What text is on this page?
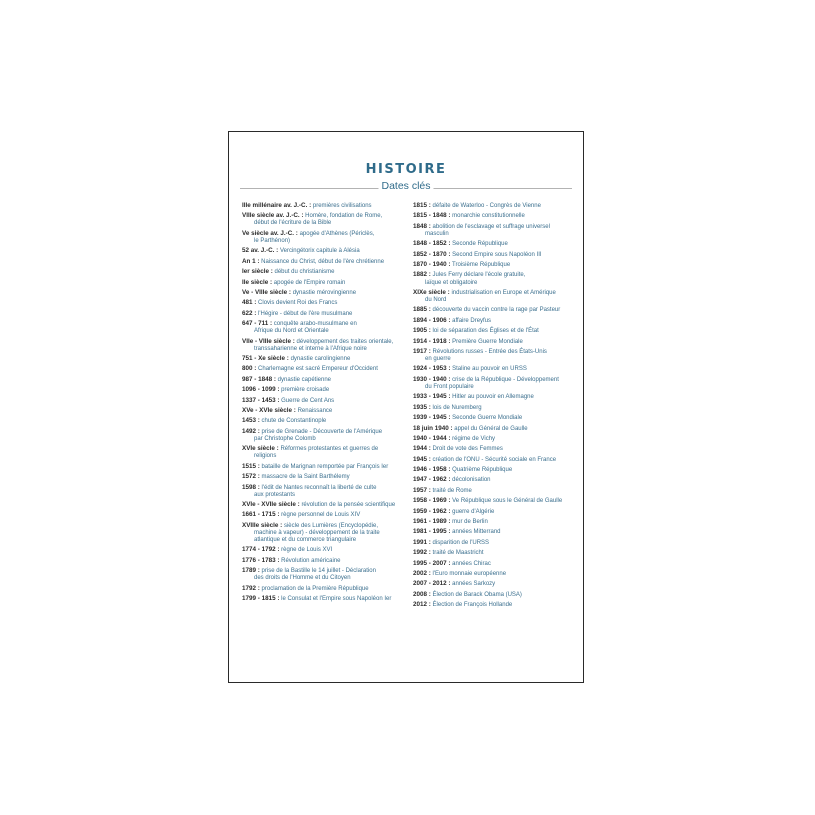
HISTOIRE
Dates clés
IIIe millénaire av. J.-C. : premières civilisations
VIIIe siècle av. J.-C. : Homère, fondation de Rome,
début de l'écriture de la Bible
Ve siècle av. J.-C. : apogée d'Athènes (Périclès,
le Parthénon)
52 av. J.-C. : Vercingétorix capitule à Alésia
An 1 : Naissance du Christ, début de l'ère chrétienne
Ier siècle : début du christianisme
IIe siècle : apogée de l'Empire romain
Ve - VIIIe siècle : dynastie mérovingienne
481 : Clovis devient Roi des Francs
622 : l'Hégire - début de l'ère musulmane
647 - 711 : conquête arabo-musulmane en
Afrique du Nord et Orientale
VIIe - VIIIe siècle : développement des traites orientale,
transsaharienne et interne à l'Afrique noire
751 - Xe siècle : dynastie carolingienne
800 : Charlemagne est sacré Empereur d'Occident
987 - 1848 : dynastie capétienne
1096 - 1099 : première croisade
1337 - 1453 : Guerre de Cent Ans
XVe - XVIe siècle : Renaissance
1453 : chute de Constantinople
1492 : prise de Grenade - Découverte de l'Amérique
par Christophe Colomb
XVIe siècle : Réformes protestantes et guerres de
religions
1515 : bataille de Marignan remportée par François Ier
1572 : massacre de la Saint Barthélemy
1598 : l'édit de Nantes reconnaît la liberté de culte
aux protestants
XVIe - XVIIe siècle : révolution de la pensée scientifique
1661 - 1715 : règne personnel de Louis XIV
XVIIIe siècle : siècle des Lumières (Encyclopédie,
machine à vapeur) - développement de la traite atlantique et du commerce triangulaire
1774 - 1792 : règne de Louis XVI
1776 - 1783 : Révolution américaine
1789 : prise de la Bastille le 14 juillet - Déclaration
des droits de l'Homme et du Citoyen
1792 : proclamation de la Première République
1799 - 1815 : le Consulat et l'Empire sous Napoléon Ier
1815 : défaite de Waterloo - Congrès de Vienne
1815 - 1848 : monarchie constitutionnelle
1848 : abolition de l'esclavage et suffrage universel
masculin
1848 - 1852 : Seconde République
1852 - 1870 : Second Empire sous Napoléon III
1870 - 1940 : Troisième République
1882 : Jules Ferry déclare l'école gratuite,
laïque et obligatoire
XIXe siècle : industrialisation en Europe et Amérique
du Nord
1885 : découverte du vaccin contre la rage par Pasteur
1894 - 1906 : affaire Dreyfus
1905 : loi de séparation des Églises et de l'État
1914 - 1918 : Première Guerre Mondiale
1917 : Révolutions russes - Entrée des États-Unis
en guerre
1924 - 1953 : Staline au pouvoir en URSS
1930 - 1940 : crise de la République - Développement
du Front populaire
1933 - 1945 : Hitler au pouvoir en Allemagne
1935 : lois de Nuremberg
1939 - 1945 : Seconde Guerre Mondiale
18 juin 1940 : appel du Général de Gaulle
1940 - 1944 : régime de Vichy
1944 : Droit de vote des Femmes
1945 : création de l'ONU - Sécurité sociale en France
1946 - 1958 : Quatrième République
1947 - 1962 : décolonisation
1957 : traité de Rome
1958 - 1969 : Ve République sous le Général de Gaulle
1959 - 1962 : guerre d'Algérie
1961 - 1989 : mur de Berlin
1981 - 1995 : années Mitterrand
1991 : disparition de l'URSS
1992 : traité de Maastricht
1995 - 2007 : années Chirac
2002 : l'Euro monnaie européenne
2007 - 2012 : années Sarkozy
2008 : Élection de Barack Obama (USA)
2012 : Élection de François Hollande
